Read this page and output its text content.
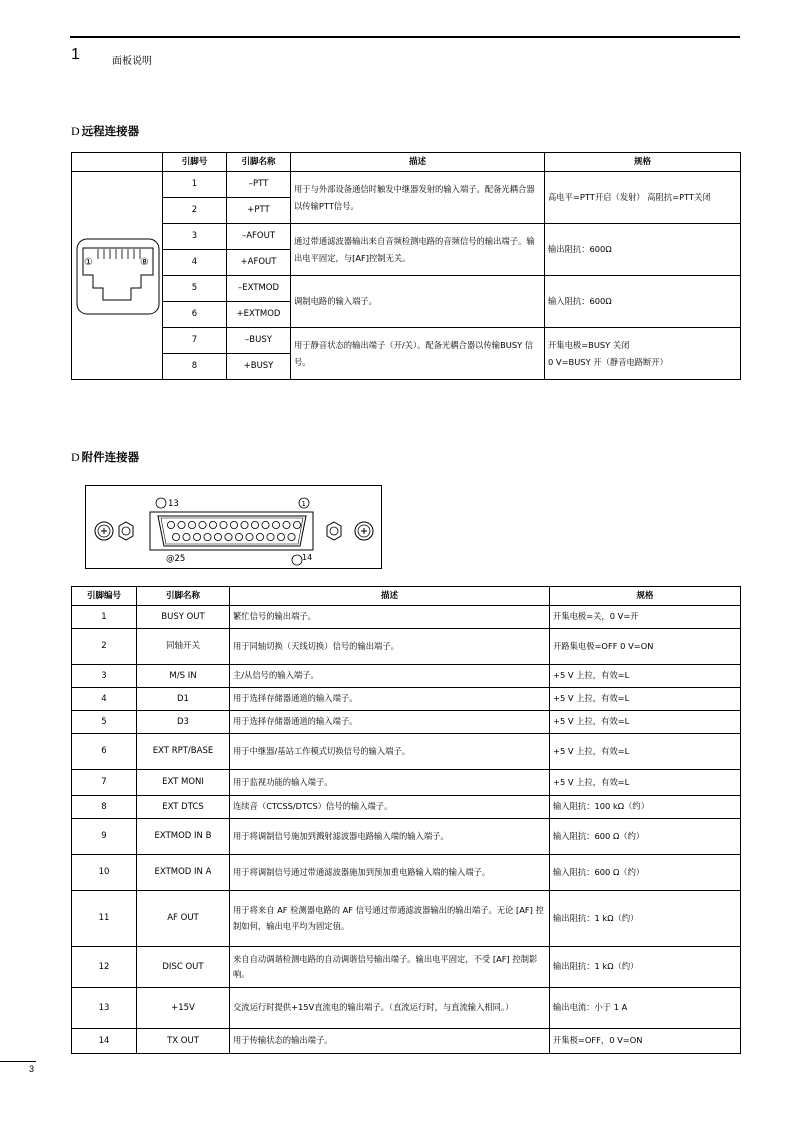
1	面板说明
D 远程连接器
	引脚号	引脚名称	描述	规格

① ⑧	1	–PTT	用于与外部设备通信时触发中继器发射的输入端子。配备光耦合器以传输PTT信号。	高电平=PTT开启（发射） 高阻抗=PTT关闭
	2	+PTT		
	3	–AFOUT	通过带通滤波器输出来自音频检测电路的音频信号的输出端子。输出电平固定，与[AF]控制无关。	输出阻抗：600Ω
	4	+AFOUT		
	5	–EXTMOD	调制电路的输入端子。	输入阻抗：600Ω
	6	+EXTMOD		
	7	–BUSY	用于静音状态的输出端子（开/关）。配备光耦合器以传输BUSY 信号。	开集电极=BUSY 关闭
0 V=BUSY 开（静音电路断开）
	8	+BUSY		
D 附件连接器
13	1
@25	14
引脚编号	引脚名称	描述	规格
1	BUSY OUT	繁忙信号的输出端子。	开集电极=关，0 V=开
2	同轴开关	用于同轴切换（天线切换）信号的输出端子。	开路集电极=OFF 0 V=ON
3	M/S IN	主/从信号的输入端子。	+5 V 上拉，有效=L
4	D1	用于选择存储器通道的输入端子。	+5 V 上拉，有效=L
5	D3	用于选择存储器通道的输入端子。	+5 V 上拉，有效=L
6	EXT RPT/BASE	用于中继器/基站工作模式切换信号的输入端子。	+5 V 上拉，有效=L
7	EXT MONI	用于监视功能的输入端子。	+5 V 上拉，有效=L
8	EXT DTCS	连续音（CTCSS/DTCS）信号的输入端子。	输入阻抗：100 kΩ（约）
9	EXTMOD IN B	用于将调制信号施加到溅射滤波器电路输入端的输入端子。	输入阻抗：600 Ω（约）
10	EXTMOD IN A	用于将调制信号通过带通滤波器施加到预加重电路输入端的输入端子。	输入阻抗：600 Ω（约）
11	AF OUT	用于将来自 AF 检测器电路的 AF 信号通过带通滤波器输出的输出端子。无论 [AF] 控制如何，输出电平均为固定值。	输出阻抗：1 kΩ（约）
12	DISC OUT	来自自动调谐检测电路的自动调谐信号输出端子。输出电平固定，不受 [AF] 控制影响。	输出阻抗：1 kΩ（约）
13	+15V	交流运行时提供+15V直流电的输出端子。（直流运行时，与直流输入相同。）	输出电流：小于 1 A
14	TX OUT	用于传输状态的输出端子。	开集极=OFF，0 V=ON
3
